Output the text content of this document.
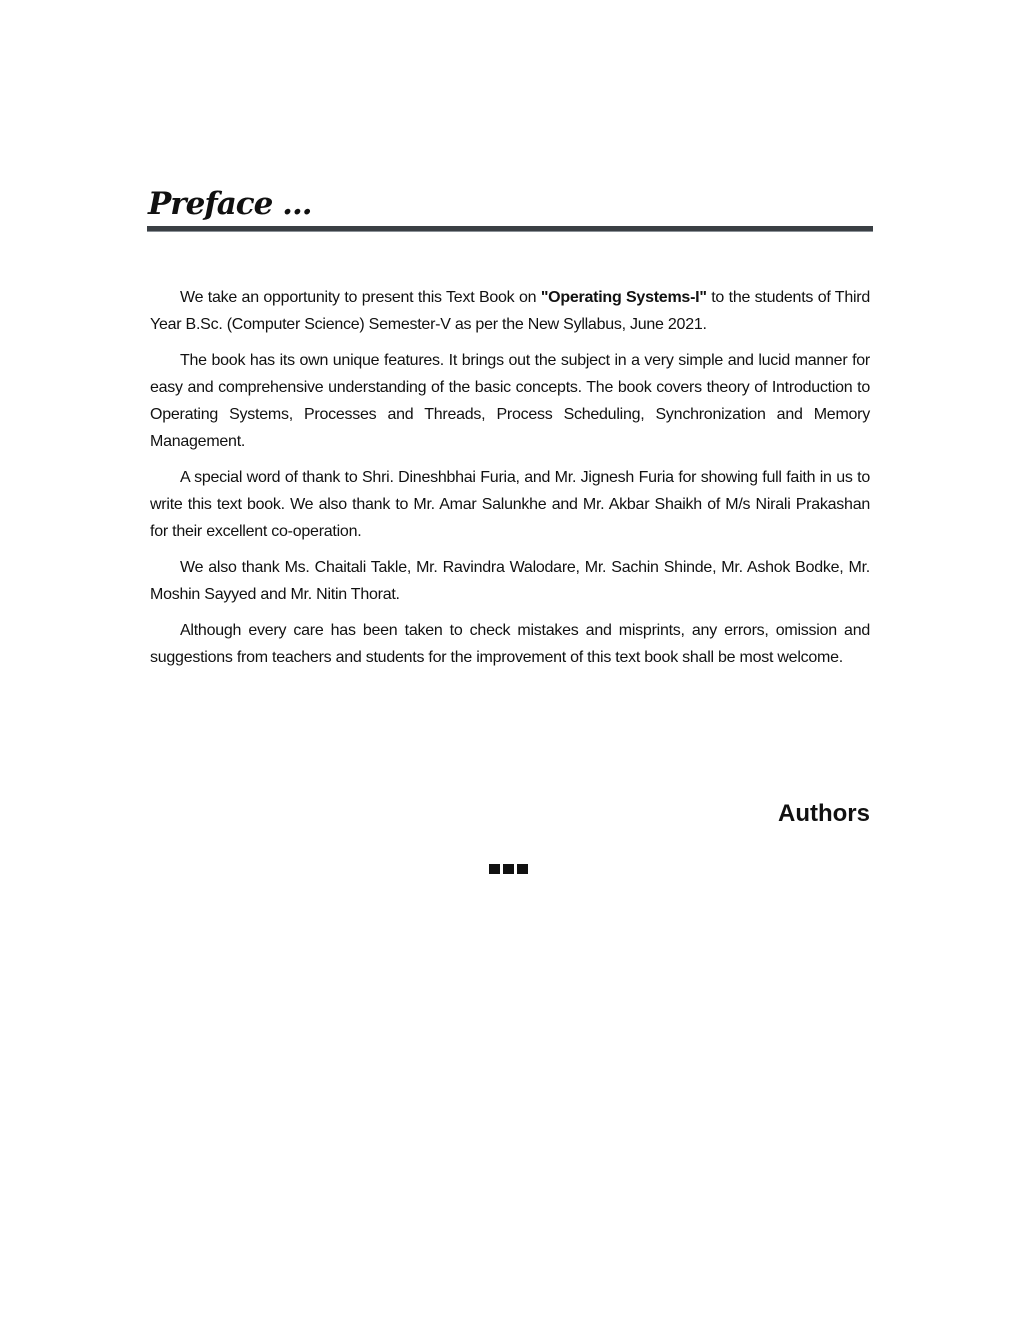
Preface ...

We take an opportunity to present this Text Book on "Operating Systems-I" to the students of Third Year B.Sc. (Computer Science) Semester-V as per the New Syllabus, June 2021.

The book has its own unique features. It brings out the subject in a very simple and lucid manner for easy and comprehensive understanding of the basic concepts. The book covers theory of Introduction to Operating Systems, Processes and Threads, Process Scheduling, Synchronization and Memory Management.

A special word of thank to Shri. Dineshbhai Furia, and Mr. Jignesh Furia for showing full faith in us to write this text book. We also thank to Mr. Amar Salunkhe and Mr. Akbar Shaikh of M/s Nirali Prakashan for their excellent co-operation.

We also thank Ms. Chaitali Takle, Mr. Ravindra Walodare, Mr. Sachin Shinde, Mr. Ashok Bodke, Mr. Moshin Sayyed and Mr. Nitin Thorat.

Although every care has been taken to check mistakes and misprints, any errors, omission and suggestions from teachers and students for the improvement of this text book shall be most welcome.

Authors
